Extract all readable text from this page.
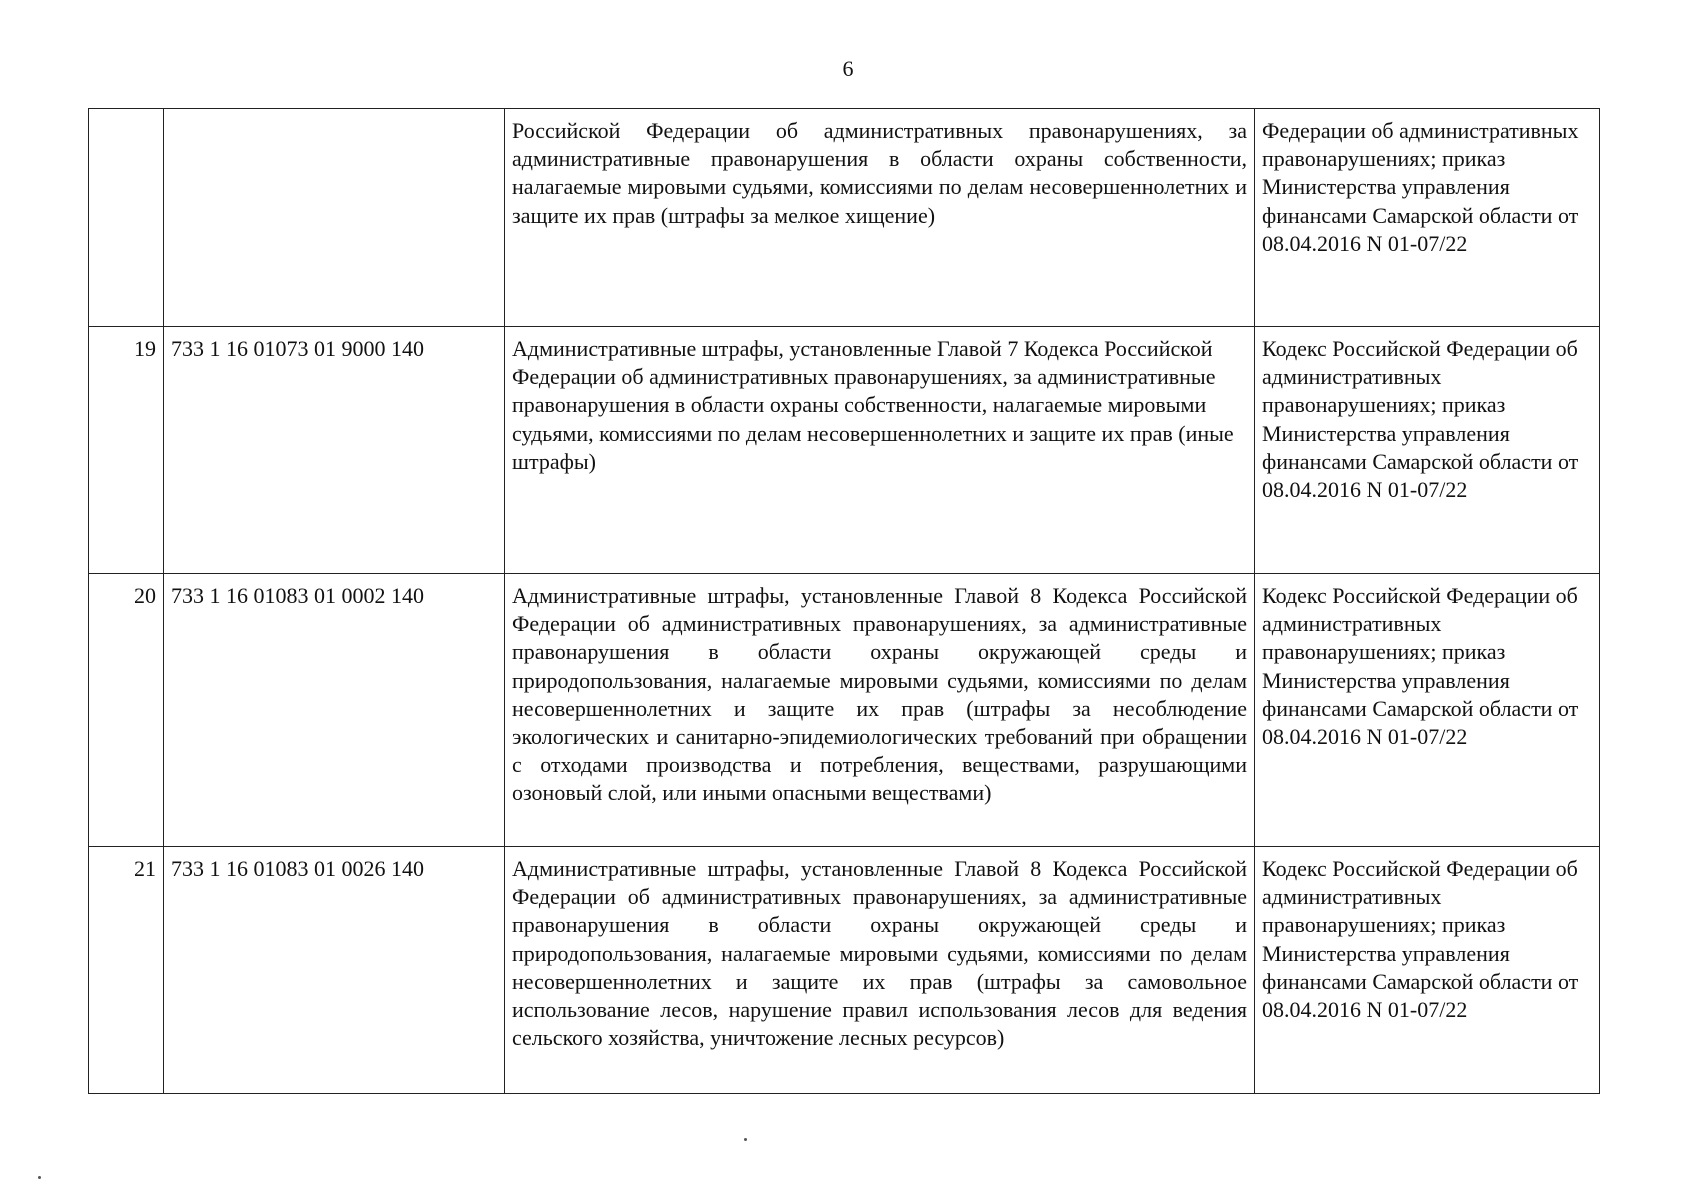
6
		Российской Федерации об административных правонарушениях, за административные правонарушения в области охраны собственности, налагаемые мировыми судьями, комиссиями по делам несовершеннолетних и защите их прав (штрафы за мелкое хищение)	Федерации об административных правонарушениях; приказ Министерства управления финансами Самарской области от 08.04.2016 N 01-07/22
19	733 1 16 01073 01 9000 140	Административные штрафы, установленные Главой 7 Кодекса Российской Федерации об административных правонарушениях, за административные правонарушения в области охраны собственности, налагаемые мировыми судьями, комиссиями по делам несовершеннолетних и защите их прав (иные штрафы)	Кодекс Российской Федерации об административных правонарушениях; приказ Министерства управления финансами Самарской области от 08.04.2016 N 01-07/22
20	733 1 16 01083 01 0002 140	Административные штрафы, установленные Главой 8 Кодекса Российской Федерации об административных правонарушениях, за административные правонарушения в области охраны окружающей среды и природопользования, налагаемые мировыми судьями, комиссиями по делам несовершеннолетних и защите их прав (штрафы за несоблюдение экологических и санитарно-эпидемиологических требований при обращении с отходами производства и потребления, веществами, разрушающими озоновый слой, или иными опасными веществами)	Кодекс Российской Федерации об административных правонарушениях; приказ Министерства управления финансами Самарской области от 08.04.2016 N 01-07/22
21	733 1 16 01083 01 0026 140	Административные штрафы, установленные Главой 8 Кодекса Российской Федерации об административных правонарушениях, за административные правонарушения в области охраны окружающей среды и природопользования, налагаемые мировыми судьями, комиссиями по делам несовершеннолетних и защите их прав (штрафы за самовольное использование лесов, нарушение правил использования лесов для ведения сельского хозяйства, уничтожение лесных ресурсов)	Кодекс Российской Федерации об административных правонарушениях; приказ Министерства управления финансами Самарской области от 08.04.2016 N 01-07/22
